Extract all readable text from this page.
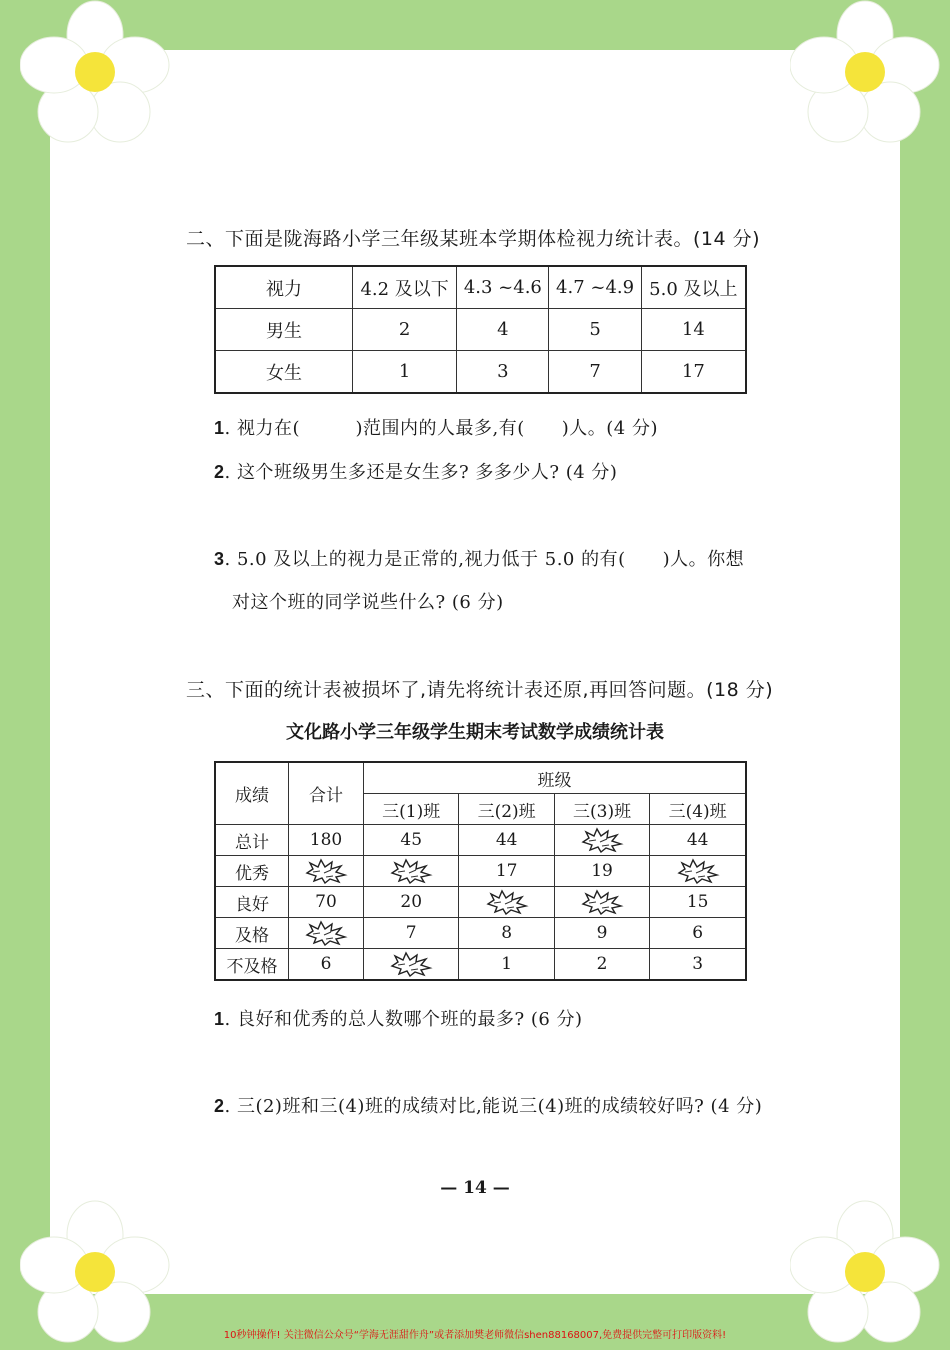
二、下面是陇海路小学三年级某班本学期体检视力统计表。(14 分)
视力	4.2 及以下	4.3 ~4.6	4.7 ~4.9	5.0 及以上
男生	2	4	5	14
女生	1	3	7	17
1. 视力在(　　　)范围内的人最多,有(　　)人。(4 分)
2. 这个班级男生多还是女生多? 多多少人? (4 分)
3. 5.0 及以上的视力是正常的,视力低于 5.0 的有(　　)人。你想
对这个班的同学说些什么? (6 分)
三、下面的统计表被损坏了,请先将统计表还原,再回答问题。(18 分)
文化路小学三年级学生期末考试数学成绩统计表
成绩	合计	班级			
		三(1)班	三(2)班	三(3)班	三(4)班
总计	180	45	44		44
优秀			17	19	
良好	70	20			15
及格		7	8	9	6
不及格	6		1	2	3
1. 良好和优秀的总人数哪个班的最多? (6 分)
2. 三(2)班和三(4)班的成绩对比,能说三(4)班的成绩较好吗? (4 分)
— 14 —
10秒钟操作! 关注微信公众号“学海无涯甜作舟”或者添加樊老师微信shen88168007,免费提供完整可打印版资料!
